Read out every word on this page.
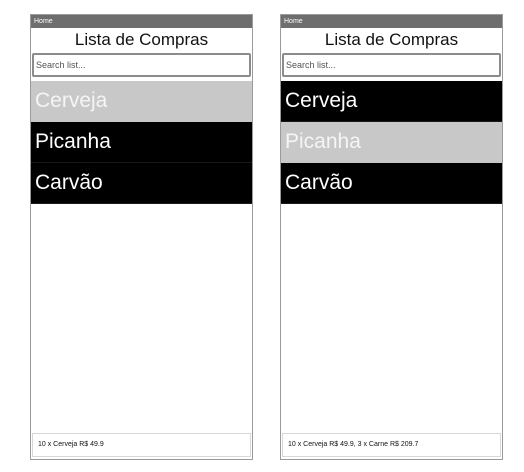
Home
Lista de Compras
Search list...
Cerveja
Picanha
Carvão
10 x Cerveja R$ 49.9
Home
Lista de Compras
Search list...
Cerveja
Picanha
Carvão
10 x Cerveja R$ 49.9, 3 x Carne R$ 209.7
